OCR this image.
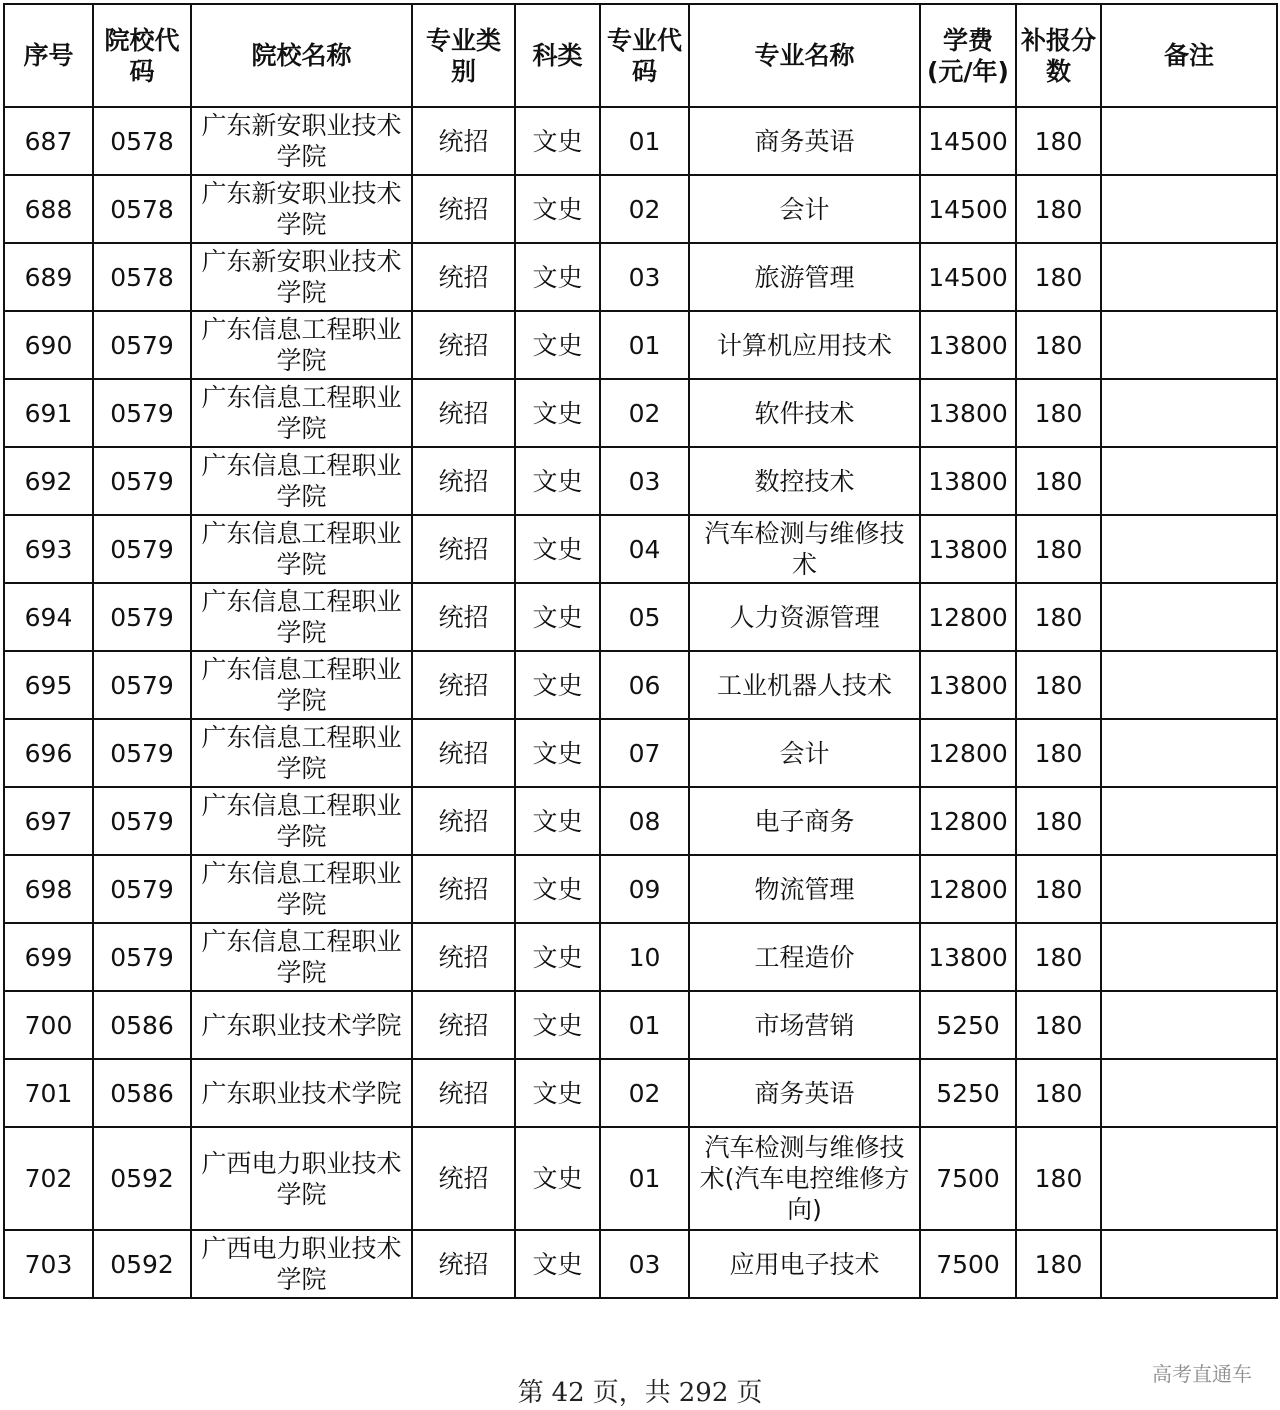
序号	院校代码	院校名称	专业类别	科类	专业代码	专业名称	学费(元/年)	补报分数	备注
687	0578	广东新安职业技术学院	统招	文史	01	商务英语	14500	180	
688	0578	广东新安职业技术学院	统招	文史	02	会计	14500	180	
689	0578	广东新安职业技术学院	统招	文史	03	旅游管理	14500	180	
690	0579	广东信息工程职业学院	统招	文史	01	计算机应用技术	13800	180	
691	0579	广东信息工程职业学院	统招	文史	02	软件技术	13800	180	
692	0579	广东信息工程职业学院	统招	文史	03	数控技术	13800	180	
693	0579	广东信息工程职业学院	统招	文史	04	汽车检测与维修技术	13800	180	
694	0579	广东信息工程职业学院	统招	文史	05	人力资源管理	12800	180	
695	0579	广东信息工程职业学院	统招	文史	06	工业机器人技术	13800	180	
696	0579	广东信息工程职业学院	统招	文史	07	会计	12800	180	
697	0579	广东信息工程职业学院	统招	文史	08	电子商务	12800	180	
698	0579	广东信息工程职业学院	统招	文史	09	物流管理	12800	180	
699	0579	广东信息工程职业学院	统招	文史	10	工程造价	13800	180	
700	0586	广东职业技术学院	统招	文史	01	市场营销	5250	180	
701	0586	广东职业技术学院	统招	文史	02	商务英语	5250	180	
702	0592	广西电力职业技术学院	统招	文史	01	汽车检测与维修技术(汽车电控维修方向)	7500	180	
703	0592	广西电力职业技术学院	统招	文史	03	应用电子技术	7500	180	
第 42 页，共 292 页
高考直通车
